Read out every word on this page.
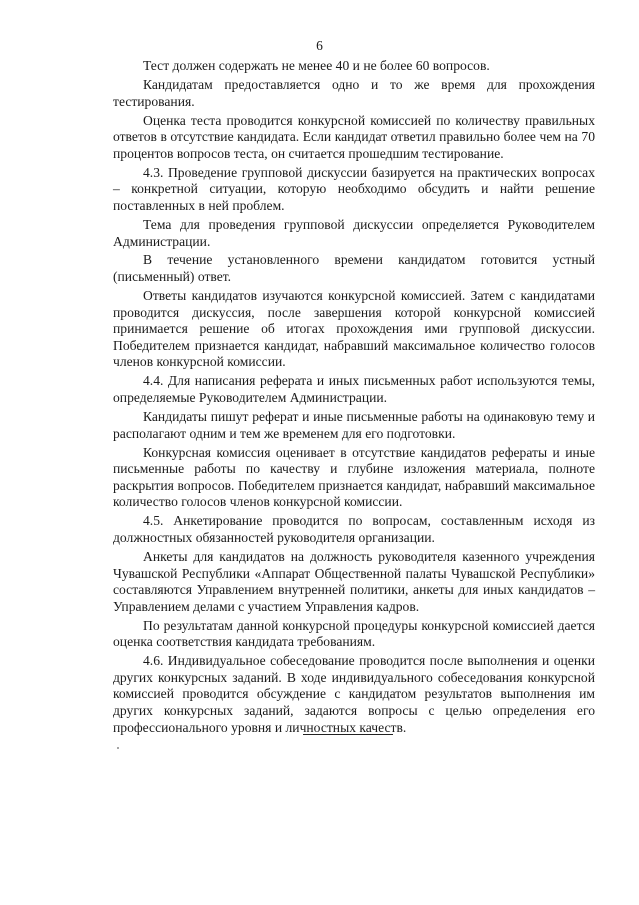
6

Тест должен содержать не менее 40 и не более 60 вопросов.

Кандидатам предоставляется одно и то же время для прохождения тестирования.

Оценка теста проводится конкурсной комиссией по количеству правильных ответов в отсутствие кандидата. Если кандидат ответил правильно более чем на 70 процентов вопросов теста, он считается прошедшим тестирование.

4.3. Проведение групповой дискуссии базируется на практических вопросах – конкретной ситуации, которую необходимо обсудить и найти решение поставленных в ней проблем.

Тема для проведения групповой дискуссии определяется Руководителем Администрации.

В течение установленного времени кандидатом готовится устный (письменный) ответ.

Ответы кандидатов изучаются конкурсной комиссией. Затем с кандидатами проводится дискуссия, после завершения которой конкурсной комиссией принимается решение об итогах прохождения ими групповой дискуссии. Победителем признается кандидат, набравший максимальное количество голосов членов конкурсной комиссии.

4.4. Для написания реферата и иных письменных работ используются темы, определяемые Руководителем Администрации.

Кандидаты пишут реферат и иные письменные работы на одинаковую тему и располагают одним и тем же временем для его подготовки.

Конкурсная комиссия оценивает в отсутствие кандидатов рефераты и иные письменные работы по качеству и глубине изложения материала, полноте раскрытия вопросов. Победителем признается кандидат, набравший максимальное количество голосов членов конкурсной комиссии.

4.5. Анкетирование проводится по вопросам, составленным исходя из должностных обязанностей руководителя организации.

Анкеты для кандидатов на должность руководителя казенного учреждения Чувашской Республики «Аппарат Общественной палаты Чувашской Республики» составляются Управлением внутренней политики, анкеты для иных кандидатов – Управлением делами с участием Управления кадров.

По результатам данной конкурсной процедуры конкурсной комиссией дается оценка соответствия кандидата требованиям.

4.6. Индивидуальное собеседование проводится после выполнения и оценки других конкурсных заданий. В ходе индивидуального собеседования конкурсной комиссией проводится обсуждение с кандидатом результатов выполнения им других конкурсных заданий, задаются вопросы с целью определения его профессионального уровня и личностных качеств.
